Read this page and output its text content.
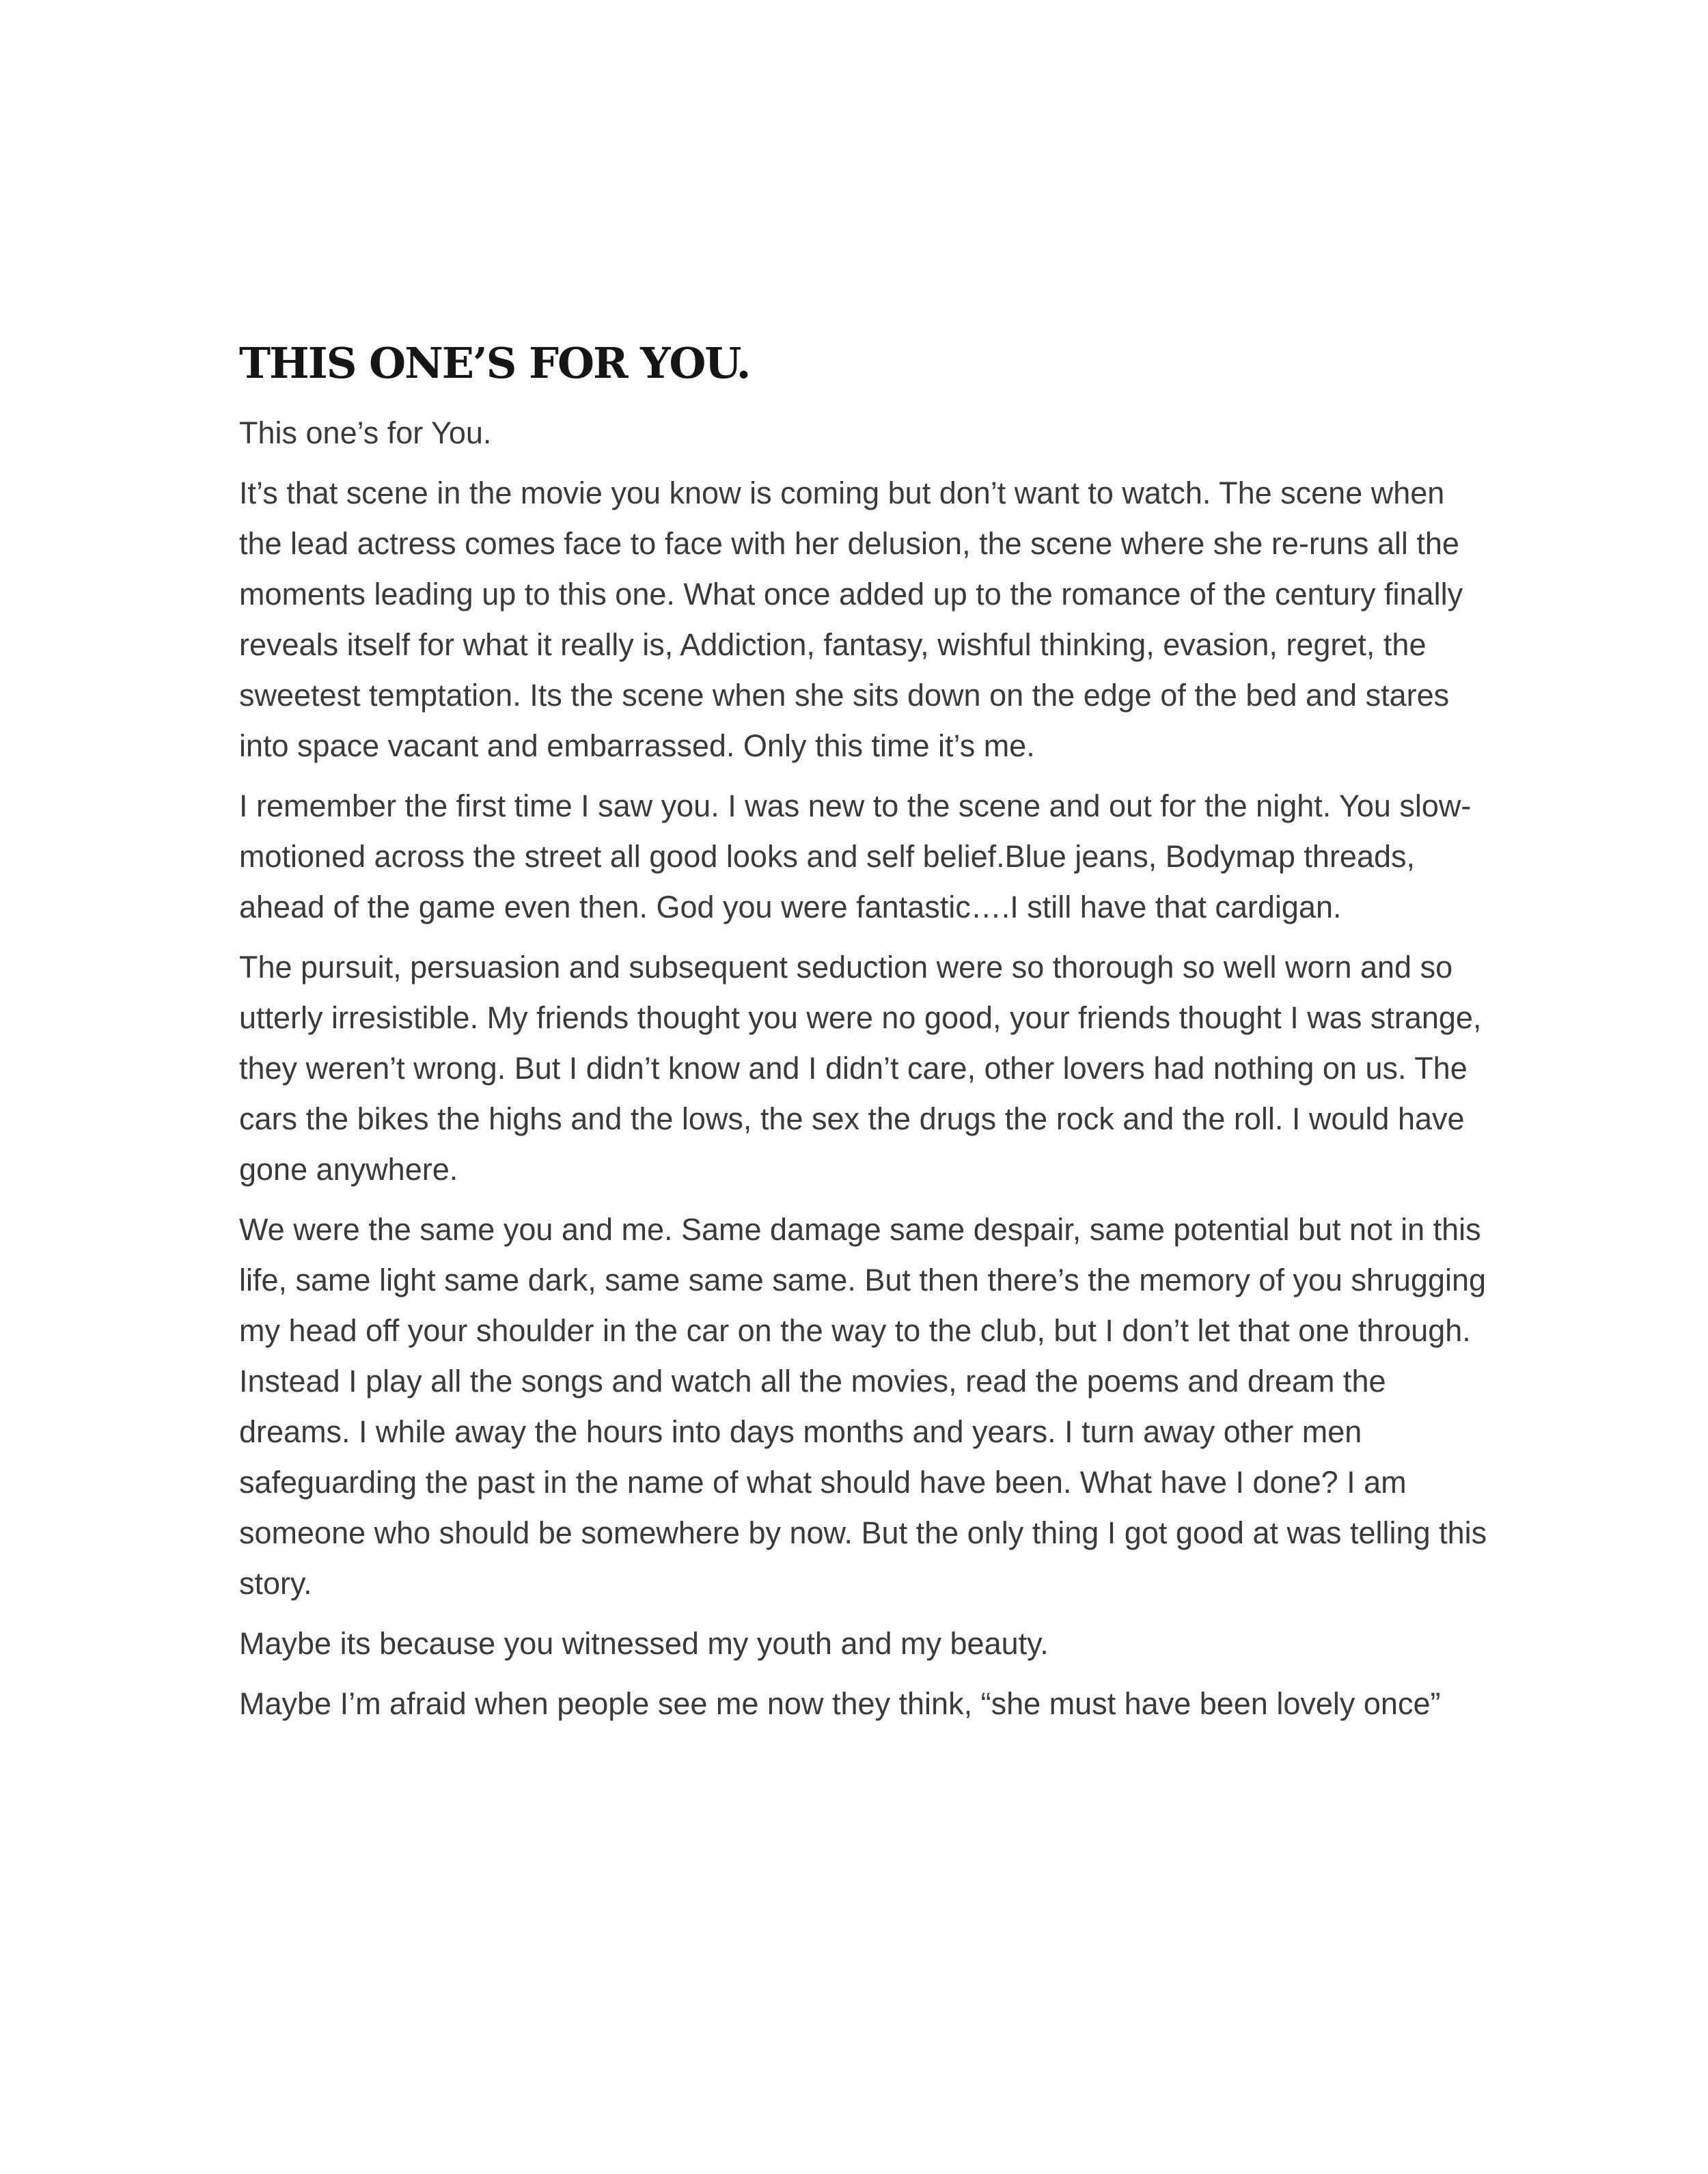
THIS ONE’S FOR YOU.

This one’s for You.

It’s that scene in the movie you know is coming but don’t want to watch. The scene when the lead actress comes face to face with her delusion, the scene where she re-runs all the moments leading up to this one. What once added up to the romance of the century finally reveals itself for what it really is, Addiction, fantasy, wishful thinking, evasion, regret, the sweetest temptation. Its the scene when she sits down on the edge of the bed and stares into space vacant and embarrassed. Only this time it’s me.

I remember the first time I saw you. I was new to the scene and out for the night. You slow-motioned across the street all good looks and self belief.Blue jeans, Bodymap threads, ahead of the game even then. God you were fantastic….I still have that cardigan.

The pursuit, persuasion and subsequent seduction were so thorough so well worn and so utterly irresistible. My friends thought you were no good, your friends thought I was strange, they weren’t wrong. But I didn’t know and I didn’t care, other lovers had nothing on us. The cars the bikes the highs and the lows, the sex the drugs the rock and the roll. I would have gone anywhere.

We were the same you and me. Same damage same despair, same potential but not in this life, same light same dark, same same same. But then there’s the memory of you shrugging my head off your shoulder in the car on the way to the club, but I don’t let that one through. Instead I play all the songs and watch all the movies, read the poems and dream the dreams. I while away the hours into days months and years. I turn away other men safeguarding the past in the name of what should have been. What have I done? I am someone who should be somewhere by now. But the only thing I got good at was telling this story.

Maybe its because you witnessed my youth and my beauty.

Maybe I’m afraid when people see me now they think, “she must have been lovely once”
